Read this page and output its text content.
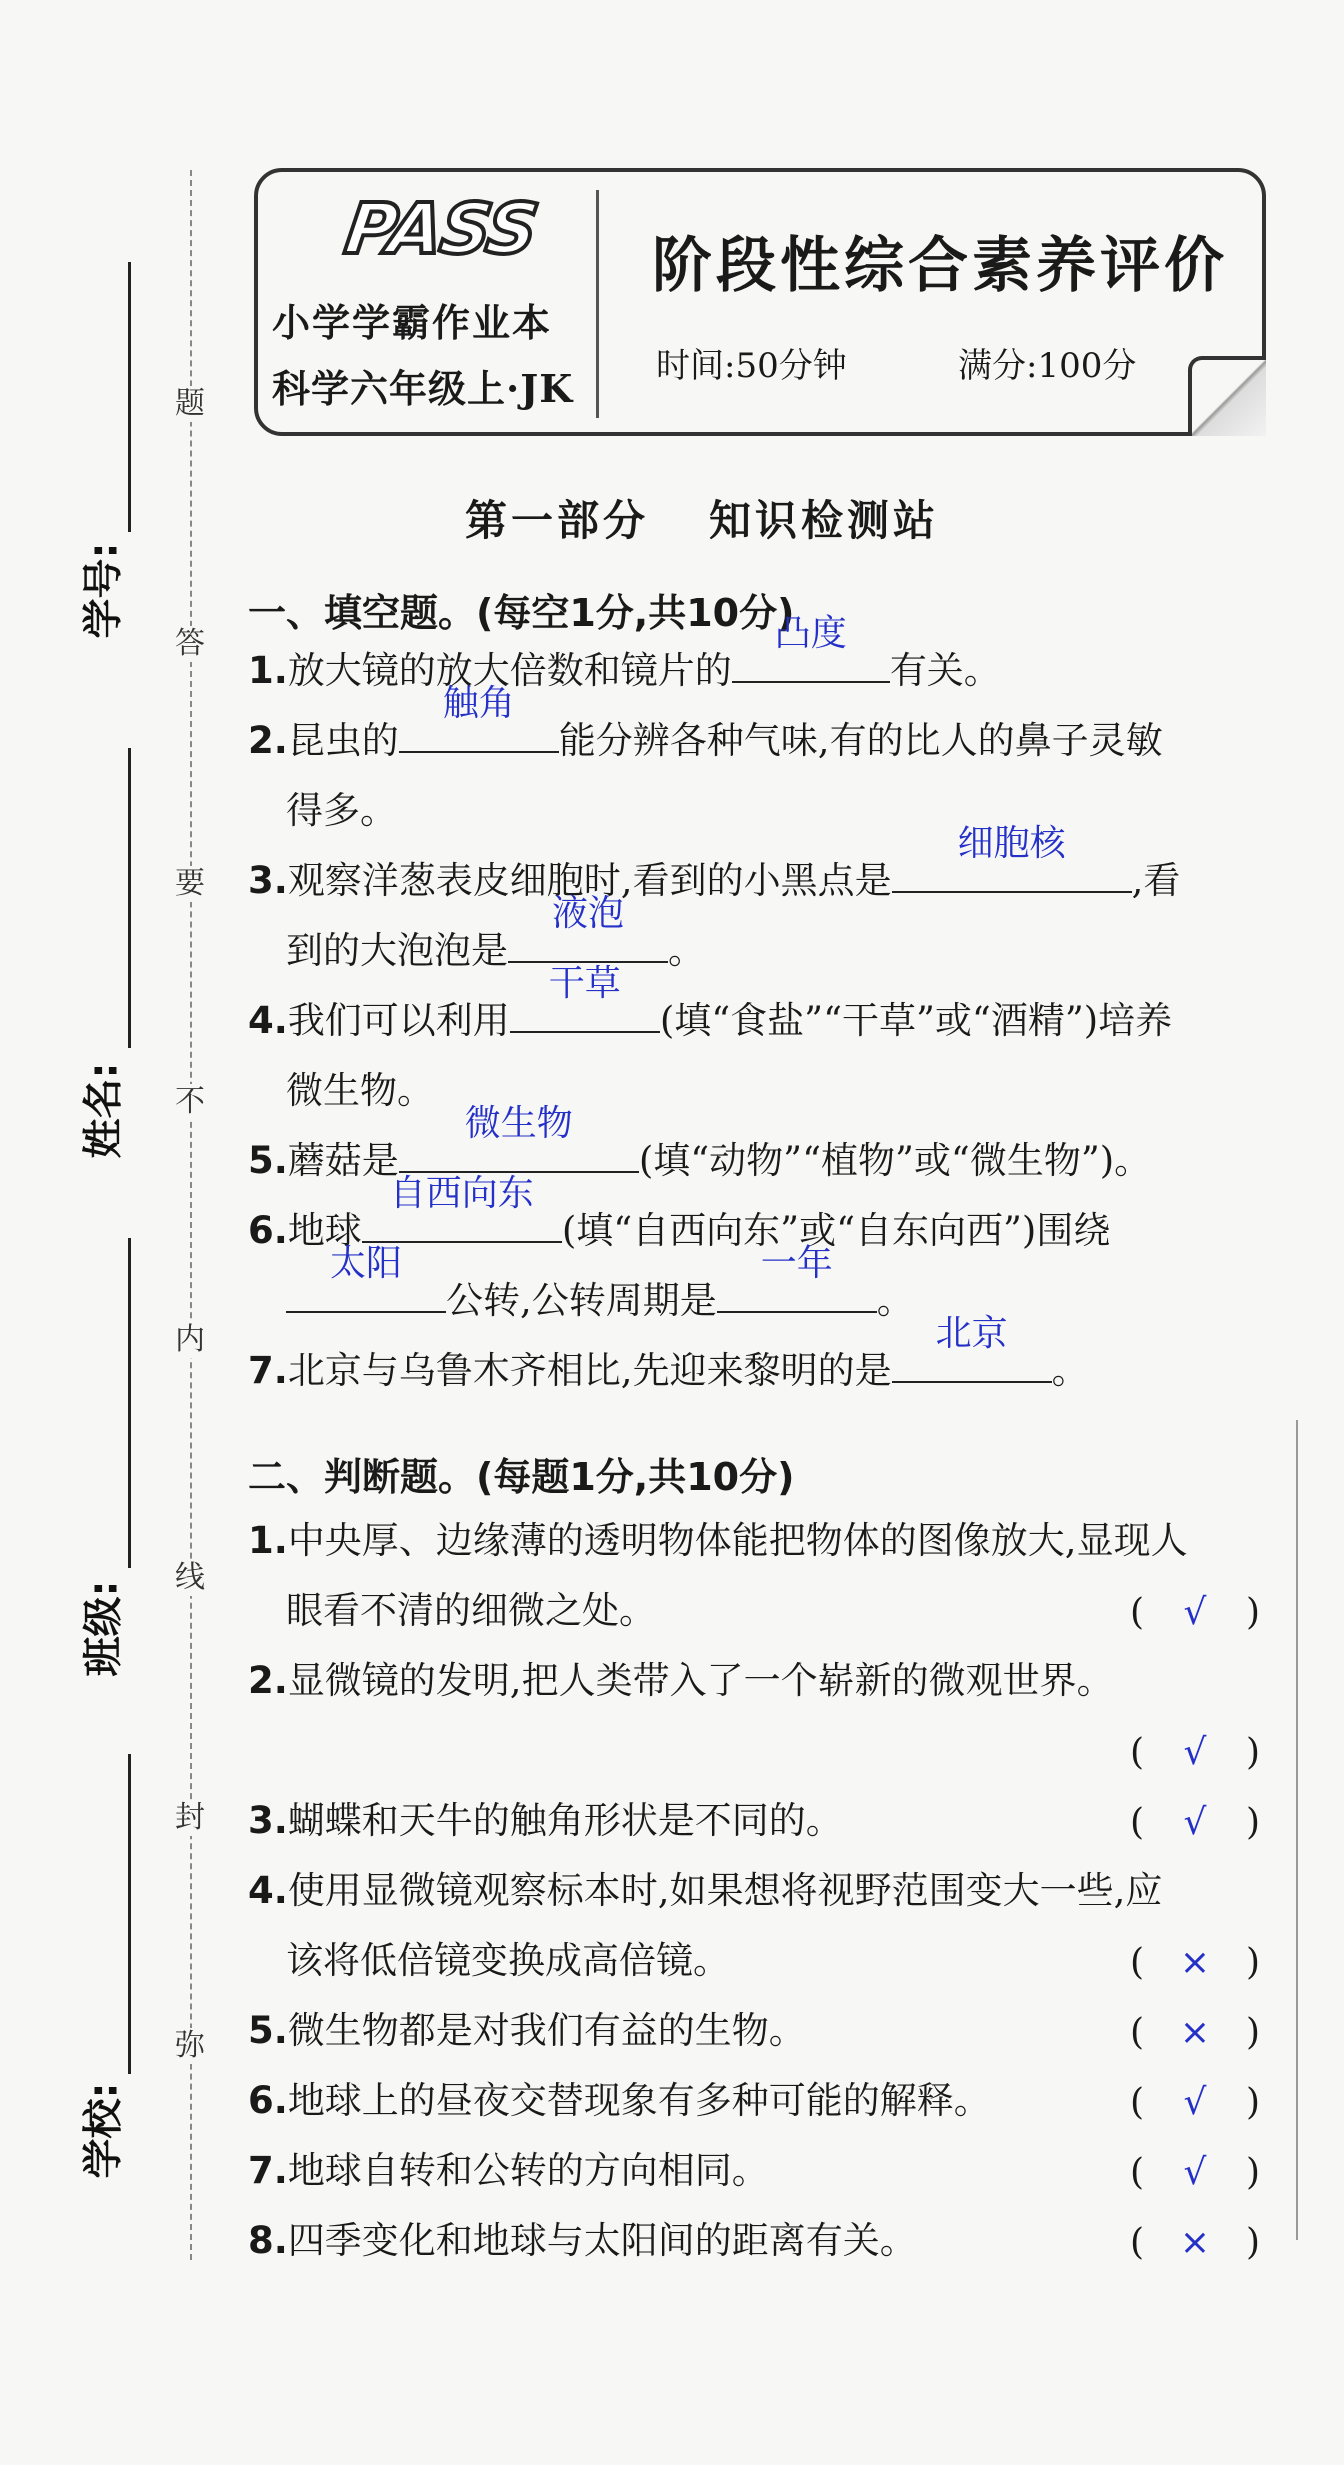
题
答
要
不
内
线
封
弥
学号:
姓名:
班级:
学校:
PASS
小学学霸作业本
科学六年级上·JK
阶段性综合素养评价
时间:50分钟	满分:100分
第一部分 知识检测站
一、填空题。(每空1分,共10分)
1.放大镜的放大倍数和镜片的
凸度
有关。
2.昆虫的
触角
能分辨各种气味,有的比人的鼻子灵敏
得多。
3.观察洋葱表皮细胞时,看到的小黑点是
细胞核
,看
到的大泡泡是
液泡
。
4.我们可以利用
干草
(填“食盐”“干草”或“酒精”)培养
微生物。
5.蘑菇是
微生物
(填“动物”“植物”或“微生物”)。
6.地球
自西向东
(填“自西向东”或“自东向西”)围绕
太阳
公转,公转周期是
一年
。
7.北京与乌鲁木齐相比,先迎来黎明的是
北京
。
二、判断题。(每题1分,共10分)
1.中央厚、边缘薄的透明物体能把物体的图像放大,显现人
眼看不清的细微之处。	( √ )
2.显微镜的发明,把人类带入了一个崭新的微观世界。
( √ )
3.蝴蝶和天牛的触角形状是不同的。	( √ )
4.使用显微镜观察标本时,如果想将视野范围变大一些,应
该将低倍镜变换成高倍镜。	( × )
5.微生物都是对我们有益的生物。	( × )
6.地球上的昼夜交替现象有多种可能的解释。	( √ )
7.地球自转和公转的方向相同。	( √ )
8.四季变化和地球与太阳间的距离有关。	( × )
